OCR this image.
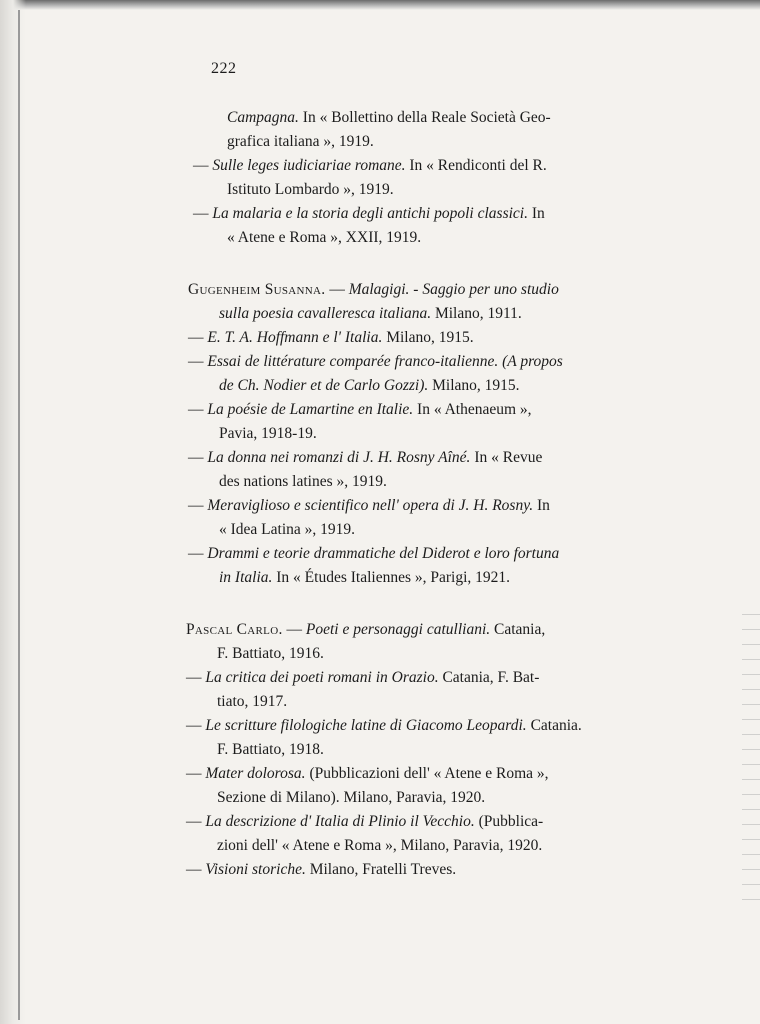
222
Campagna. In « Bollettino della Reale Società Geo-
grafica italiana », 1919.
— Sulle leges iudiciariae romane. In « Rendiconti del R.
Istituto Lombardo », 1919.
— La malaria e la storia degli antichi popoli classici. In
« Atene e Roma », XXII, 1919.
Gugenheim Susanna. — Malagigi. - Saggio per uno studio
sulla poesia cavalleresca italiana. Milano, 1911.
— E. T. A. Hoffmann e l' Italia. Milano, 1915.
— Essai de littérature comparée franco-italienne. (A propos
de Ch. Nodier et de Carlo Gozzi). Milano, 1915.
— La poésie de Lamartine en Italie. In « Athenaeum »,
Pavia, 1918-19.
— La donna nei romanzi di J. H. Rosny Aîné. In « Revue
des nations latines », 1919.
— Meraviglioso e scientifico nell' opera di J. H. Rosny. In
« Idea Latina », 1919.
— Drammi e teorie drammatiche del Diderot e loro fortuna
in Italia. In « Études Italiennes », Parigi, 1921.
Pascal Carlo. — Poeti e personaggi catulliani. Catania,
F. Battiato, 1916.
— La critica dei poeti romani in Orazio. Catania, F. Bat-
tiato, 1917.
— Le scritture filologiche latine di Giacomo Leopardi. Catania.
F. Battiato, 1918.
— Mater dolorosa. (Pubblicazioni dell' « Atene e Roma »,
Sezione di Milano). Milano, Paravia, 1920.
— La descrizione d' Italia di Plinio il Vecchio. (Pubblica-
zioni dell' « Atene e Roma », Milano, Paravia, 1920.
— Visioni storiche. Milano, Fratelli Treves.
